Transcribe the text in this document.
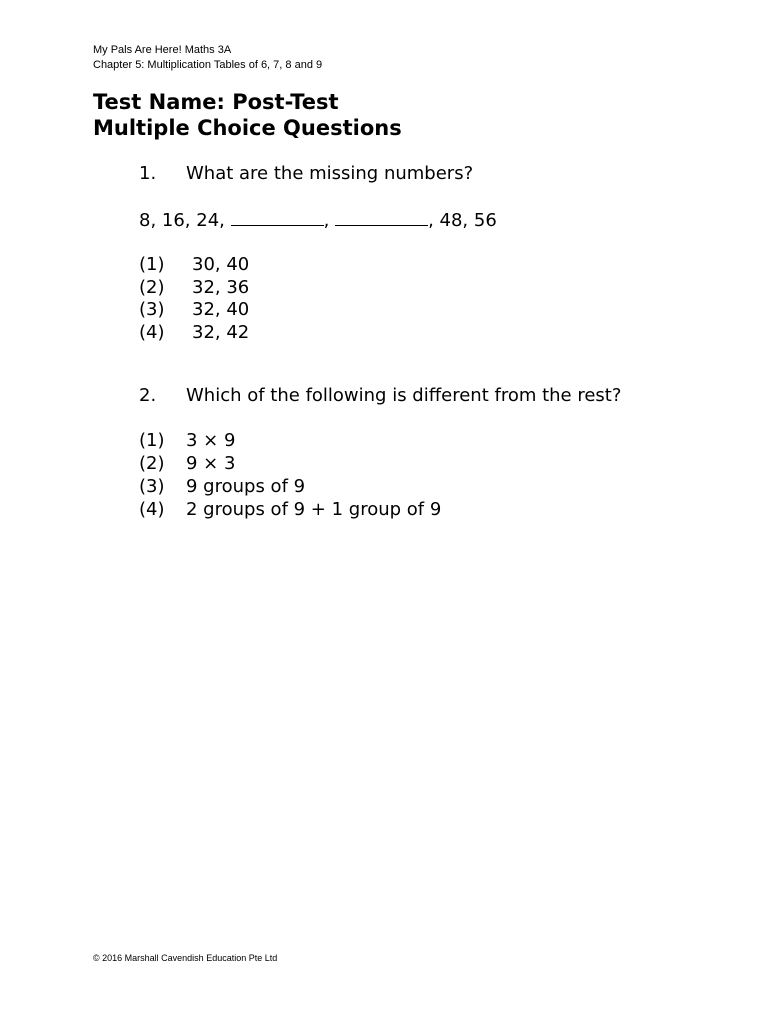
My Pals Are Here! Maths 3A
Chapter 5: Multiplication Tables of 6, 7, 8 and 9
Test Name: Post-Test
Multiple Choice Questions
1. What are the missing numbers?
8, 16, 24,	,	, 48, 56
(1) 30, 40
(2) 32, 36
(3) 32, 40
(4) 32, 42
2. Which of the following is different from the rest?
(1) 3 × 9
(2) 9 × 3
(3) 9 groups of 9
(4) 2 groups of 9 + 1 group of 9
© 2016 Marshall Cavendish Education Pte Ltd
